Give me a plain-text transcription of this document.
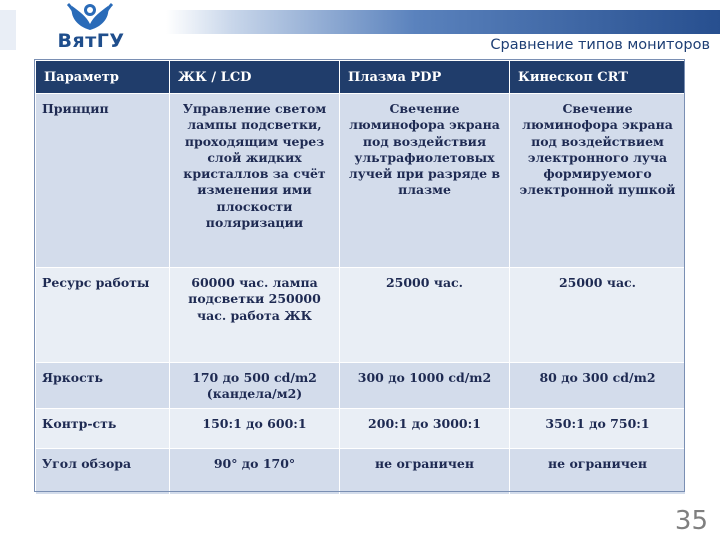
ВятГУ	Сравнение типов мониторов
Параметр	ЖК / LCD	Плазма PDP	Кинескоп CRT
Принцип	Управление светом лампы подсветки, проходящим через слой жидких кристаллов за счёт изменения ими плоскости поляризации	Свечение люминофора экрана под воздействия ультрафиолетовых лучей при разряде в плазме	Свечение люминофора экрана под воздействием электронного луча формируемого электронной пушкой
Ресурс работы	60000 час. лампа подсветки 250000 час. работа ЖК	25000 час.	25000 час.
Яркость	170 до 500 cd/m2 (кандела/м2)	300 до 1000 cd/m2	80 до 300 cd/m2
Контр-сть	150:1 до 600:1	200:1 до 3000:1	350:1 до 750:1
Угол обзора	90° до 170°	не ограничен	не ограничен
35
